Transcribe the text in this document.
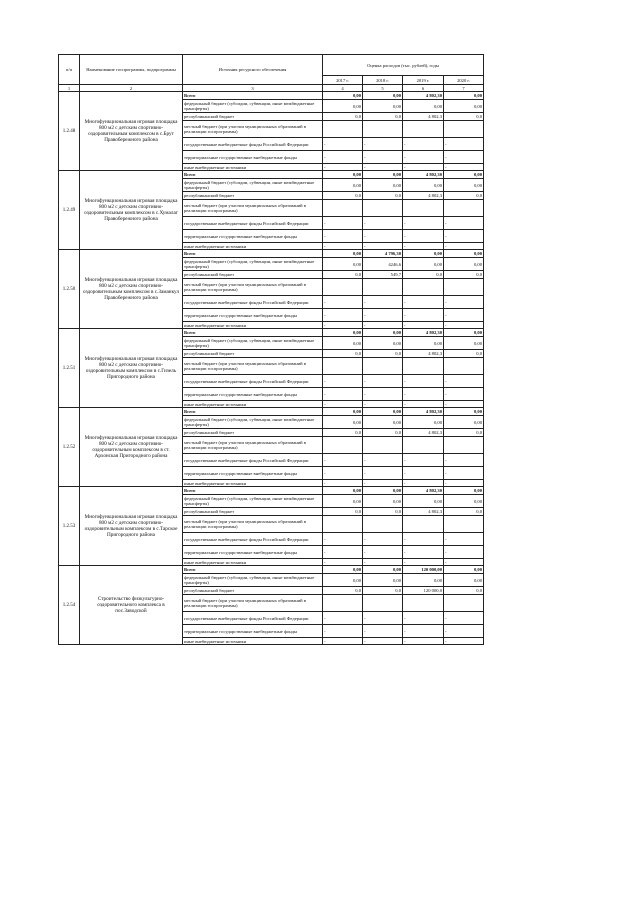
п/п	Наименование госпрограммы, подпрограммы	Источник ресурсного обеспечения	Оценка расходов (тыс. рублей), годы			
			2017 г.	2018 г.	2019 г.	2020 г.
1	2	3	4	5	6	7
1.2.48	Многофункциональная игровая площадка 800 м2 с детским спортивно-оздоровительным комплексом в с.Брут Правобережного района	Всего	0,00	0,00	4 802,30	0,00
		федеральный бюджет (субсидии, субвенции, иные межбюджетные трансферты)	0,00	0,00	0,00	0,00
		республиканский бюджет	0,0	0,0	4 802,3	0,0
		местный бюджет (при участии муниципальных образований в реализации госпрограммы)				
		государственные внебюджетные фонды Российской Федерации	-	-	-	-
		территориальные государственные внебюджетные фонды	-	-	-	-
		иные внебюджетные источники	-	-	-	-
1.2.49	Многофункциональная игровая площадка 800 м2 с детским спортивно-оздоровительным комплексом в с.Хумалаг Правобережного района	Всего	0,00	0,00	4 802,30	0,00
		федеральный бюджет (субсидии, субвенции, иные межбюджетные трансферты)	0,00	0,00	0,00	0,00
		республиканский бюджет	0,0	0,0	4 802,3	0,0
		местный бюджет (при участии муниципальных образований в реализации госпрограммы)				
		государственные внебюджетные фонды Российской Федерации	-	-	-	-
		территориальные государственные внебюджетные фонды	-	-	-	-
		иные внебюджетные источники	-	-	-	-
1.2.50	Многофункциональная игровая площадка 800 м2 с детским спортивно-оздоровительным комплексом в с.Заманкул Правобережного района	Всего	0,00	4 796,30	0,00	0,00
		федеральный бюджет (субсидии, субвенции, иные межбюджетные трансферты)	0,00	4246,6	0,00	0,00
		республиканский бюджет	0,0	549,7	0,0	0,0
		местный бюджет (при участии муниципальных образований в реализации госпрограммы)				
		государственные внебюджетные фонды Российской Федерации	-	-	-	-
		территориальные государственные внебюджетные фонды	-	-	-	-
		иные внебюджетные источники	-	-	-	-
1.2.51	Многофункциональная игровая площадка 800 м2 с детским спортивно-оздоровительным комплексом в с.Гизель Пригородного района	Всего	0,00	0,00	4 802,30	0,00
		федеральный бюджет (субсидии, субвенции, иные межбюджетные трансферты)	0,00	0,00	0,00	0,00
		республиканский бюджет	0,0	0,0	4 802,3	0,0
		местный бюджет (при участии муниципальных образований в реализации госпрограммы)				
		государственные внебюджетные фонды Российской Федерации	-	-	-	-
		территориальные государственные внебюджетные фонды	-	-	-	-
		иные внебюджетные источники	-	-	-	-
1.2.52	Многофункциональная игровая площадка 800 м2 с детским спортивно-оздоровительным комплексом в ст. Архонская Пригородного района	Всего	0,00	0,00	4 802,30	0,00
		федеральный бюджет (субсидии, субвенции, иные межбюджетные трансферты)	0,00	0,00	0,00	0,00
		республиканский бюджет	0,0	0,0	4 802,3	0,0
		местный бюджет (при участии муниципальных образований в реализации госпрограммы)				
		государственные внебюджетные фонды Российской Федерации	-	-	-	-
		территориальные государственные внебюджетные фонды	-	-	-	-
		иные внебюджетные источники	-	-	-	-
1.2.53	Многофункциональная игровая площадка 800 м2 с детским спортивно-оздоровительным комплексом в с.Тарское Пригородного района	Всего	0,00	0,00	4 802,30	0,00
		федеральный бюджет (субсидии, субвенции, иные межбюджетные трансферты)	0,00	0,00	0,00	0,00
		республиканский бюджет	0,0	0,0	4 802,3	0,0
		местный бюджет (при участии муниципальных образований в реализации госпрограммы)				
		государственные внебюджетные фонды Российской Федерации	-	-	-	-
		территориальные государственные внебюджетные фонды	-	-	-	-
		иные внебюджетные источники	-	-	-	-
1.2.54	Строительство физкультурно-оздоровительного комплекса в пос.Заводской	Всего	0,00	0,00	120 000,00	0,00
		федеральный бюджет (субсидии, субвенции, иные межбюджетные трансферты)	0,00	0,00	0,00	0,00
		республиканский бюджет	0,0	0,0	120 000,0	0,0
		местный бюджет (при участии муниципальных образований в реализации госпрограммы)				
		государственные внебюджетные фонды Российской Федерации	-	-	-	-
		территориальные государственные внебюджетные фонды	-	-	-	-
		иные внебюджетные источники	-	-	-	-
